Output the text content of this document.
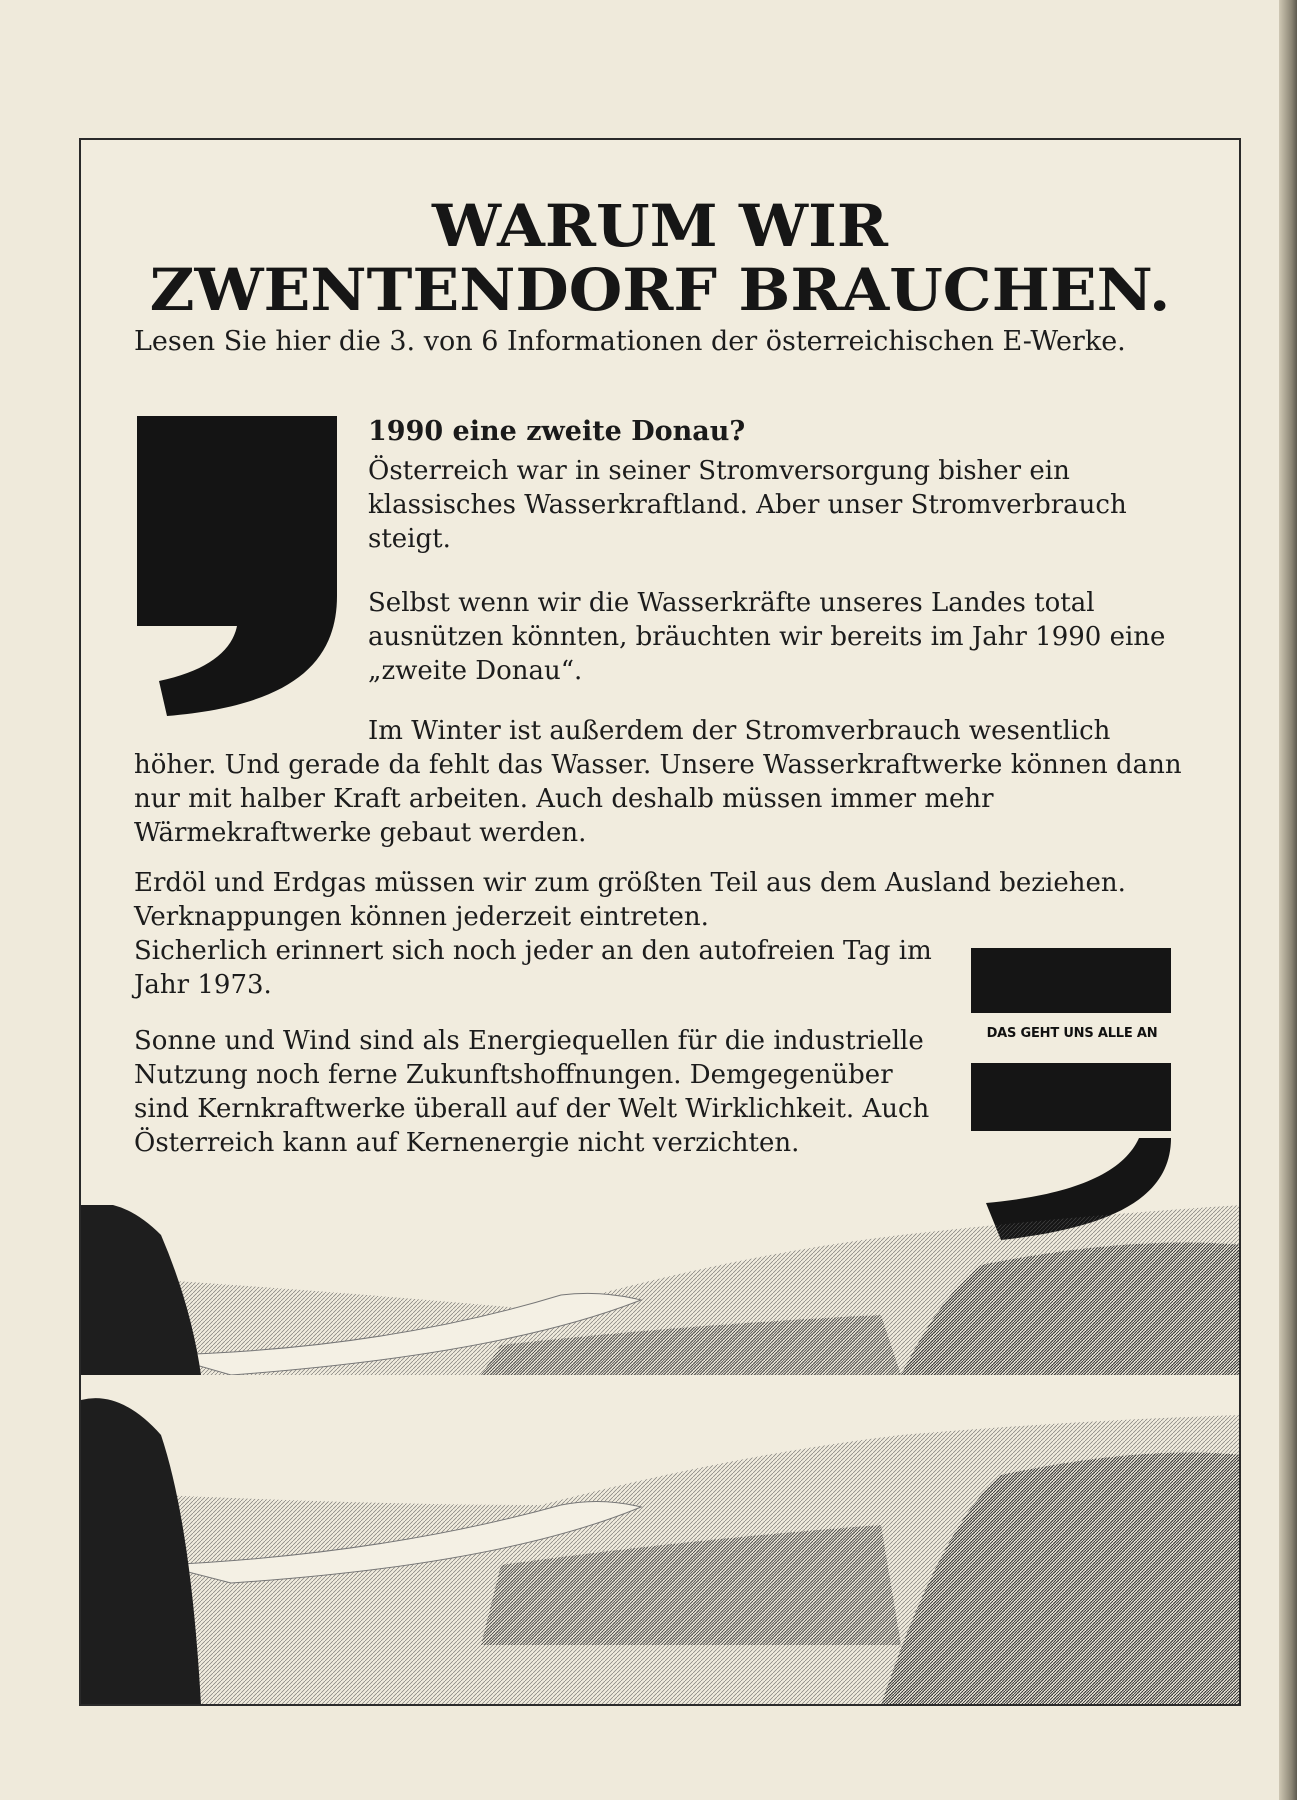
WARUM WIR
ZWENTENDORF BRAUCHEN.
Lesen Sie hier die 3. von 6 Informationen der österreichischen E-Werke.
1990 eine zweite Donau?
Österreich war in seiner Stromversorgung bisher ein klassisches Wasserkraftland. Aber unser Stromverbrauch steigt.
Selbst wenn wir die Wasserkräfte unseres Landes total ausnützen könnten, bräuchten wir bereits im Jahr 1990 eine „zweite Donau“.
Im Winter ist außerdem der Stromverbrauch wesentlich höher. Und gerade da fehlt das Wasser. Unsere Wasserkraftwerke können dann nur mit halber Kraft arbeiten. Auch deshalb müssen immer mehr Wärmekraftwerke gebaut werden.
Erdöl und Erdgas müssen wir zum größten Teil aus dem Ausland beziehen. Verknappungen können jederzeit eintreten.
Sicherlich erinnert sich noch jeder an den autofreien Tag im Jahr 1973.
Sonne und Wind sind als Energiequellen für die industrielle Nutzung noch ferne Zukunftshoffnungen. Demgegenüber sind Kernkraftwerke überall auf der Welt Wirklichkeit. Auch Österreich kann auf Kernenergie nicht verzichten.
DAS GEHT UNS ALLE AN
